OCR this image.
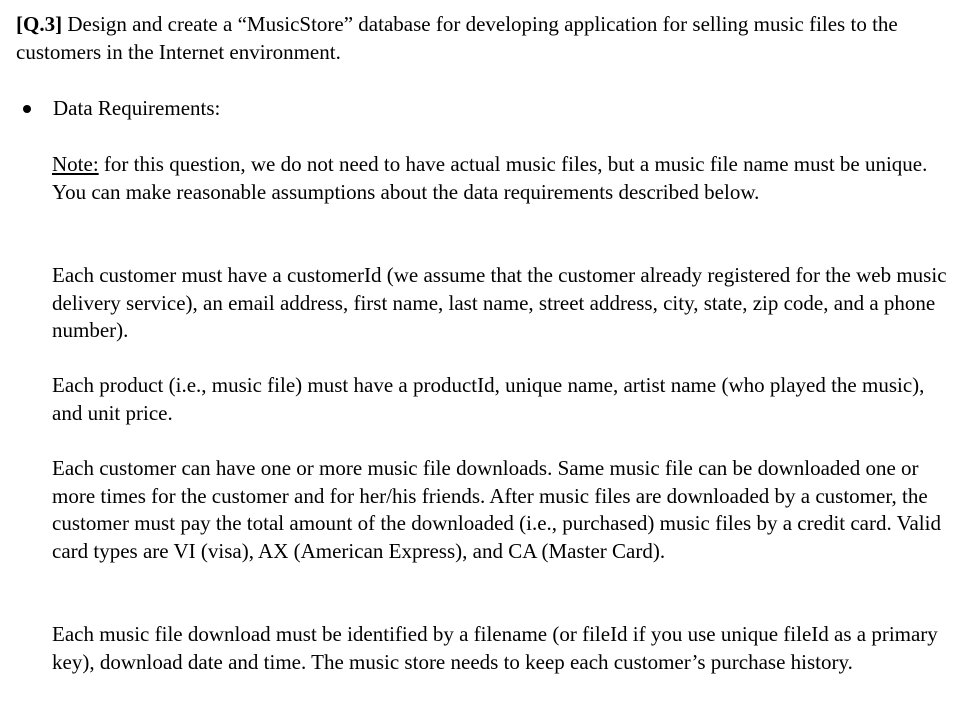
[Q.3] Design and create a “MusicStore” database for developing application for selling music files to the customers in the Internet environment.

Data Requirements:

Note: for this question, we do not need to have actual music files, but a music file name must be unique. You can make reasonable assumptions about the data requirements described below.

Each customer must have a customerId (we assume that the customer already registered for the web music delivery service), an email address, first name, last name, street address, city, state, zip code, and a phone number).

Each product (i.e., music file) must have a productId, unique name, artist name (who played the music), and unit price.

Each customer can have one or more music file downloads. Same music file can be downloaded one or more times for the customer and for her/his friends. After music files are downloaded by a customer, the customer must pay the total amount of the downloaded (i.e., purchased) music files by a credit card. Valid card types are VI (visa), AX (American Express), and CA (Master Card).

Each music file download must be identified by a filename (or fileId if you use unique fileId as a primary key), download date and time. The music store needs to keep each customer’s purchase history.
